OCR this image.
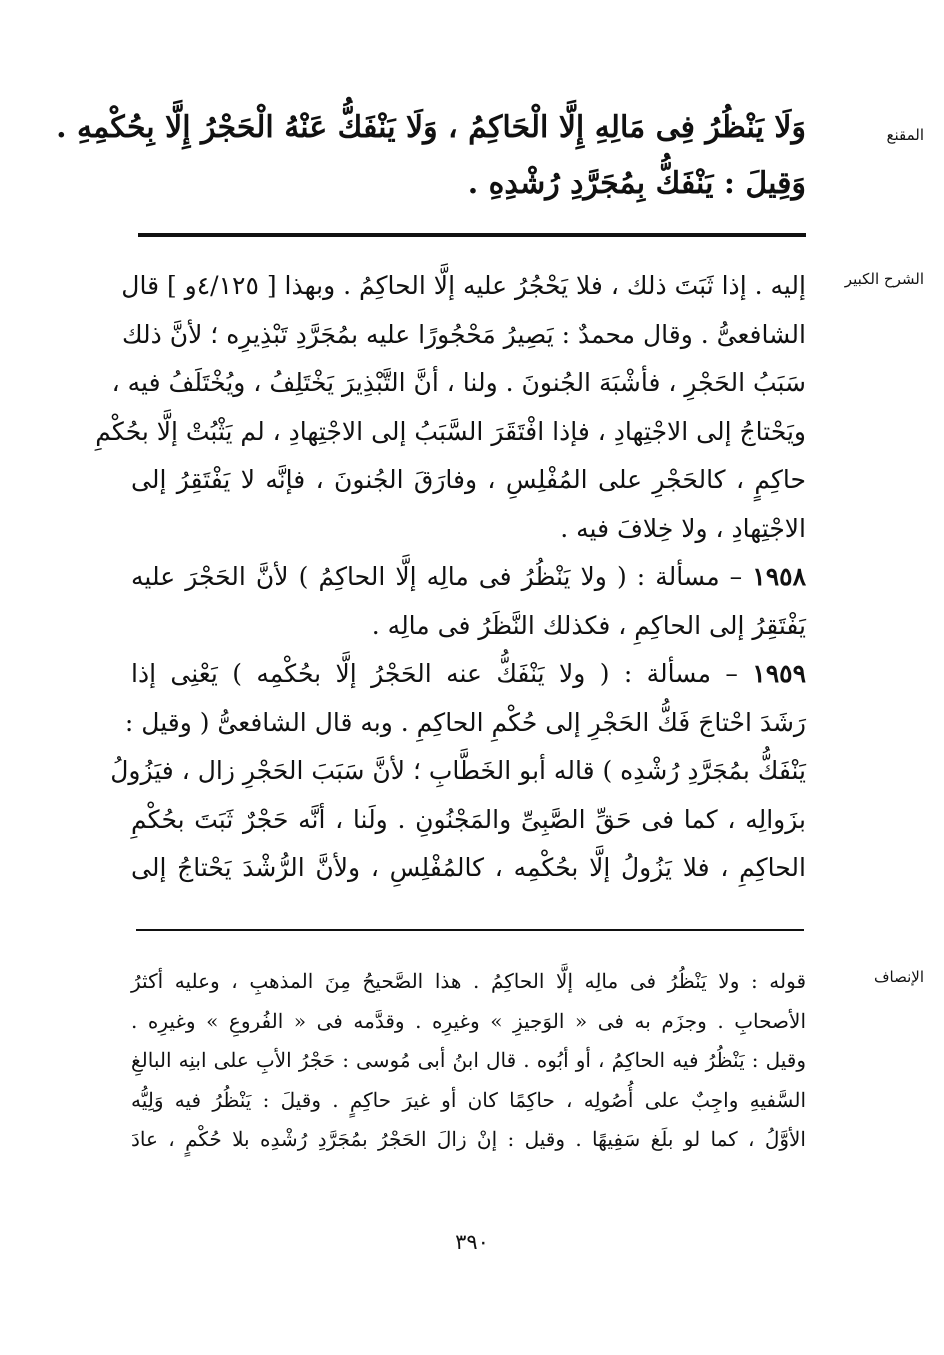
المقنع
وَلَا يَنْظُرُ فِى مَالِهِ إِلَّا الْحَاكِمُ ، وَلَا يَنْفَكُّ عَنْهُ الْحَجْرُ إِلَّا بِحُكْمِهِ .
وَقِيلَ : يَنْفَكُّ بِمُجَرَّدِ رُشْدِهِ .
الشرح الكبير
إليه . إذا ثَبَتَ ذلك ، فلا يَحْجُرُ عليه إلَّا الحاكِمُ . وبهذا [ ٤/١٢٥و ] قال
الشافعىُّ . وقال محمدٌ : يَصِيرُ مَحْجُورًا عليه بمُجَرَّدِ تَبْذِيرِه ؛ لأنَّ ذلك
سَبَبُ الحَجْرِ ، فأشْبَهَ الجُنونَ . ولنا ، أنَّ التَّبْذِيرَ يَخْتَلِفُ ، ويُخْتَلَفُ فيه ،
ويَحْتاجُ إلى الاجْتِهادِ ، فإذا افْتَقَرَ السَّبَبُ إلى الاجْتِهادِ ، لم يَثْبُتْ إلَّا بحُكْمِ
حاكِمٍ ، كالحَجْرِ على المُفْلِسِ ، وفارَقَ الجُنونَ ، فإنَّه لا يَفْتَقِرُ إلى
الاجْتِهادِ ، ولا خِلافَ فيه .
١٩٥٨ – مسألة : ( ولا يَنْظُرُ فى مالِه إلَّا الحاكِمُ ) لأنَّ الحَجْرَ عليه
يَفْتَقِرُ إلى الحاكِمِ ، فكذلك النَّظَرُ فى مالِه .
١٩٥٩ – مسألة : ( ولا يَنْفَكُّ عنه الحَجْرُ إلَّا بحُكْمِه ) يَعْنِى إذا
رَشَدَ احْتاجَ فَكُّ الحَجْرِ إلى حُكْمِ الحاكِمِ . وبه قال الشافعىُّ ( وقيل :
يَنْفَكُّ بمُجَرَّدِ رُشْدِه ) قاله أبو الخَطَّابِ ؛ لأنَّ سَبَبَ الحَجْرِ زال ، فيَزُولُ
بزَوالِه ، كما فى حَقِّ الصَّبِىِّ والمَجْنُونِ . ولَنا ، أنَّه حَجْرٌ ثَبَتَ بحُكْمِ
الحاكِمِ ، فلا يَزُولُ إلَّا بحُكْمِه ، كالمُفْلِسِ ، ولأنَّ الرُّشْدَ يَحْتاجُ إلى
الإنصاف
قوله : ولا يَنْظُرُ فى مالِه إلَّا الحاكِمُ . هذا الصَّحيحُ مِنَ المذهبِ ، وعليه أكثرُ
الأصحابِ . وجزَم به فى « الوَجيزِ » وغيرِه . وقدَّمه فى « الفُروعِ » وغيرِه .
وقيل : يَنْظُرُ فيه الحاكِمُ ، أو أبُوه . قال ابنُ أبى مُوسى : حَجْرُ الأبِ على ابنِه البالغِ
السَّفيهِ واجِبٌ على أُصُولِه ، حاكِمًا كان أو غيرَ حاكِمٍ . وقيلَ : يَنْظُرُ فيه وَلِيُّه
الأوَّلُ ، كما لو بلَغ سَفِيهًا . وقيل : إنْ زالَ الحَجْرُ بمُجَرَّدِ رُشْدِه بلا حُكْمٍ ، عادَ
٣٩٠
